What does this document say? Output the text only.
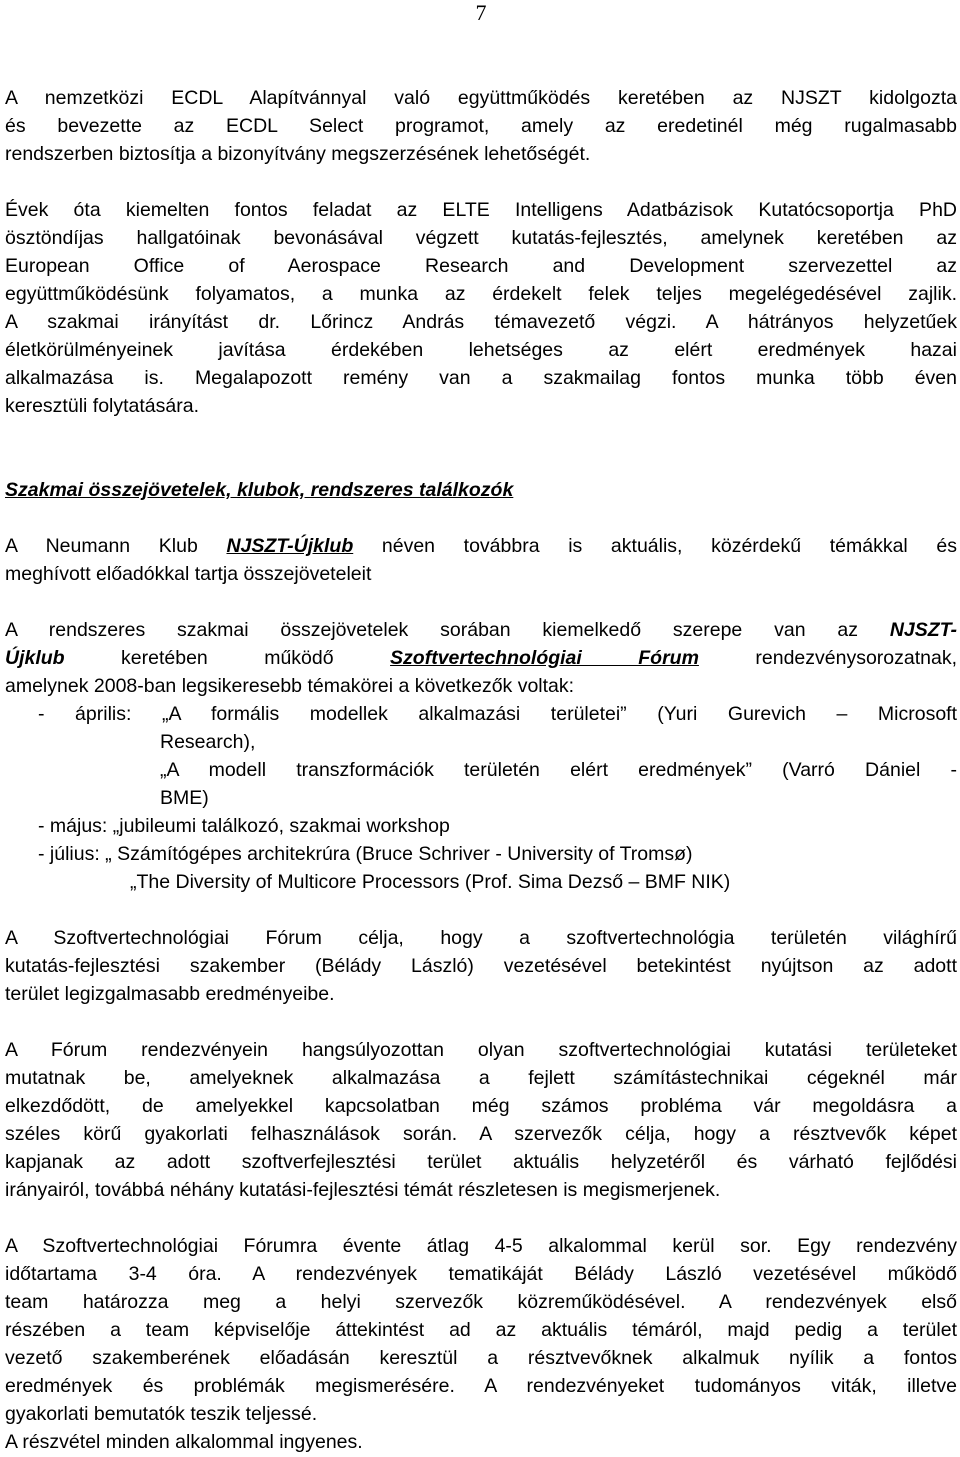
7
A nemzetközi ECDL Alapítvánnyal való együttműködés keretében az NJSZT kidolgozta
és bevezette az ECDL Select programot, amely az eredetinél még rugalmasabb
rendszerben biztosítja a bizonyítvány megszerzésének lehetőségét.
Évek óta kiemelten fontos feladat az ELTE Intelligens Adatbázisok Kutatócsoportja PhD
ösztöndíjas hallgatóinak bevonásával végzett kutatás-fejlesztés, amelynek keretében az
European Office of Aerospace Research and Development szervezettel az
együttműködésünk folyamatos, a munka az érdekelt felek teljes megelégedésével zajlik.
A szakmai irányítást dr. Lőrincz András témavezető végzi. A hátrányos helyzetűek
életkörülményeinek javítása érdekében lehetséges az elért eredmények hazai
alkalmazása is. Megalapozott remény van a szakmailag fontos munka több éven
keresztüli folytatására.
Szakmai összejövetelek, klubok, rendszeres találkozók
A Neumann Klub NJSZT-Újklub néven továbbra is aktuális, közérdekű témákkal és
meghívott előadókkal tartja összejöveteleit
A rendszeres szakmai összejövetelek sorában kiemelkedő szerepe van az NJSZT-
Újklub keretében működő Szoftvertechnológiai Fórum rendezvénysorozatnak,
amelynek 2008-ban legsikeresebb témakörei a következők voltak:
- április: „A formális modellek alkalmazási területei” (Yuri Gurevich – Microsoft
Research),
„A modell transzformációk területén elért eredmények” (Varró Dániel -
BME)
- május: „jubileumi találkozó, szakmai workshop
- július: „ Számítógépes architekrúra (Bruce Schriver - University of Tromsø)
„The Diversity of Multicore Processors (Prof. Sima Dezső – BMF NIK)
A Szoftvertechnológiai Fórum célja, hogy a szoftvertechnológia területén világhírű
kutatás-fejlesztési szakember (Bélády László) vezetésével betekintést nyújtson az adott
terület legizgalmasabb eredményeibe.
A Fórum rendezvényein hangsúlyozottan olyan szoftvertechnológiai kutatási területeket
mutatnak be, amelyeknek alkalmazása a fejlett számítástechnikai cégeknél már
elkezdődött, de amelyekkel kapcsolatban még számos probléma vár megoldásra a
széles körű gyakorlati felhasználások során. A szervezők célja, hogy a résztvevők képet
kapjanak az adott szoftverfejlesztési terület aktuális helyzetéről és várható fejlődési
irányairól, továbbá néhány kutatási-fejlesztési témát részletesen is megismerjenek.
A Szoftvertechnológiai Fórumra évente átlag 4-5 alkalommal kerül sor. Egy rendezvény
időtartama 3-4 óra. A rendezvények tematikáját Bélády László vezetésével működő
team határozza meg a helyi szervezők közreműködésével. A rendezvények első
részében a team képviselője áttekintést ad az aktuális témáról, majd pedig a terület
vezető szakemberének előadásán keresztül a résztvevőknek alkalmuk nyílik a fontos
eredmények és problémák megismerésére. A rendezvényeket tudományos viták, illetve
gyakorlati bemutatók teszik teljessé.
A részvétel minden alkalommal ingyenes.
